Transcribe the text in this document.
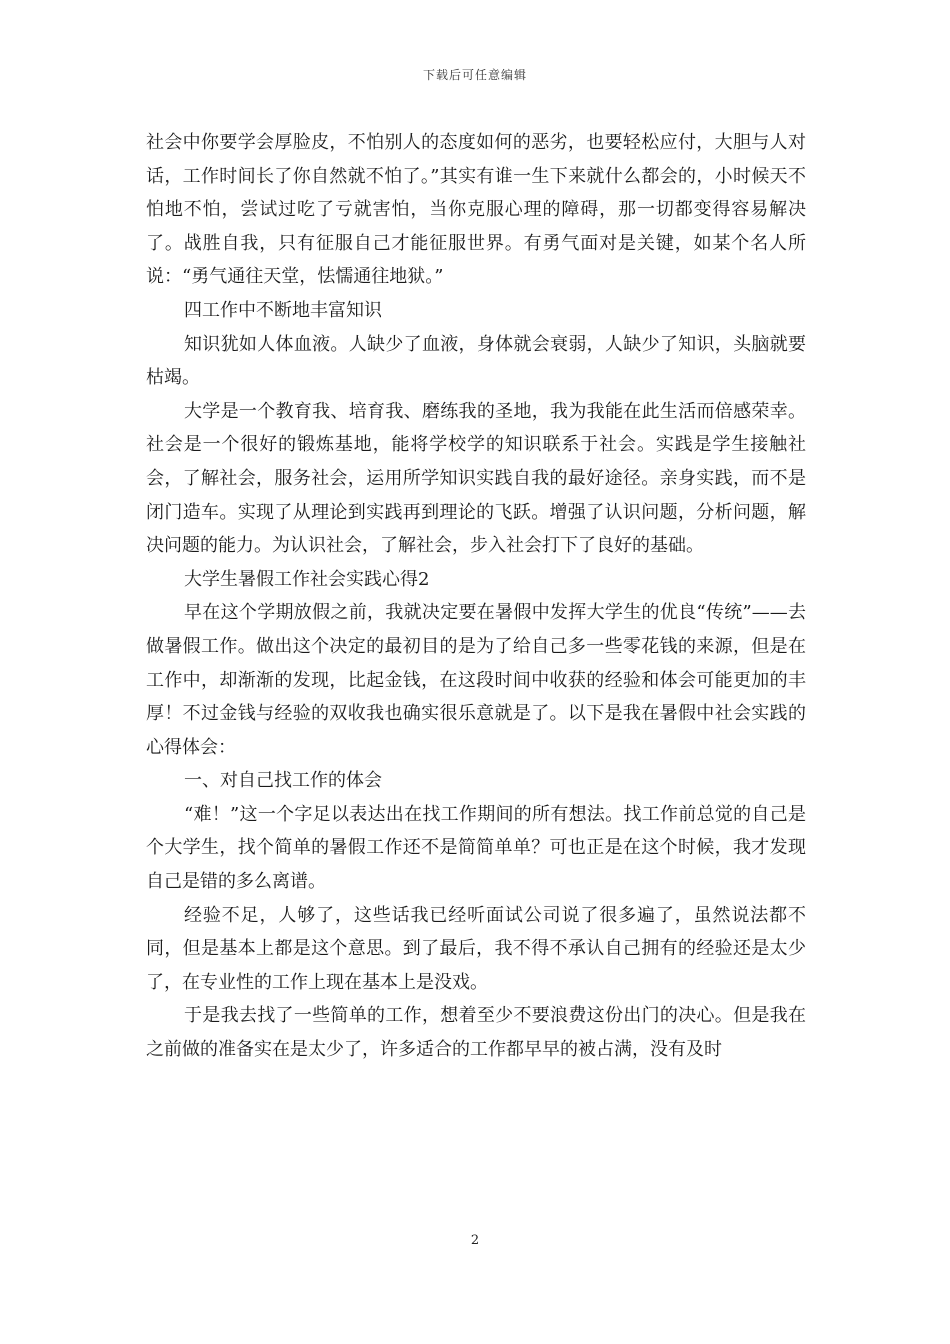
下载后可任意编辑

社会中你要学会厚脸皮，不怕别人的态度如何的恶劣，也要轻松应付，大胆与人对话，工作时间长了你自然就不怕了。”其实有谁一生下来就什么都会的，小时候天不怕地不怕，尝试过吃了亏就害怕，当你克服心理的障碍，那一切都变得容易解决了。战胜自我，只有征服自己才能征服世界。有勇气面对是关键，如某个名人所说：“勇气通往天堂，怯懦通往地狱。”

四工作中不断地丰富知识

知识犹如人体血液。人缺少了血液，身体就会衰弱，人缺少了知识，头脑就要枯竭。

大学是一个教育我、培育我、磨练我的圣地，我为我能在此生活而倍感荣幸。社会是一个很好的锻炼基地，能将学校学的知识联系于社会。实践是学生接触社会，了解社会，服务社会，运用所学知识实践自我的最好途径。亲身实践，而不是闭门造车。实现了从理论到实践再到理论的飞跃。增强了认识问题，分析问题，解决问题的能力。为认识社会，了解社会，步入社会打下了良好的基础。

大学生暑假工作社会实践心得2

早在这个学期放假之前，我就决定要在暑假中发挥大学生的优良“传统”——去做暑假工作。做出这个决定的最初目的是为了给自己多一些零花钱的来源，但是在工作中，却渐渐的发现，比起金钱，在这段时间中收获的经验和体会可能更加的丰厚！不过金钱与经验的双收我也确实很乐意就是了。以下是我在暑假中社会实践的心得体会：

一、对自己找工作的体会

“难！”这一个字足以表达出在找工作期间的所有想法。找工作前总觉的自己是个大学生，找个简单的暑假工作还不是简简单单？可也正是在这个时候，我才发现自己是错的多么离谱。

经验不足，人够了，这些话我已经听面试公司说了很多遍了，虽然说法都不同，但是基本上都是这个意思。到了最后，我不得不承认自己拥有的经验还是太少了，在专业性的工作上现在基本上是没戏。

于是我去找了一些简单的工作，想着至少不要浪费这份出门的决心。但是我在之前做的准备实在是太少了，许多适合的工作都早早的被占满，没有及时

2
